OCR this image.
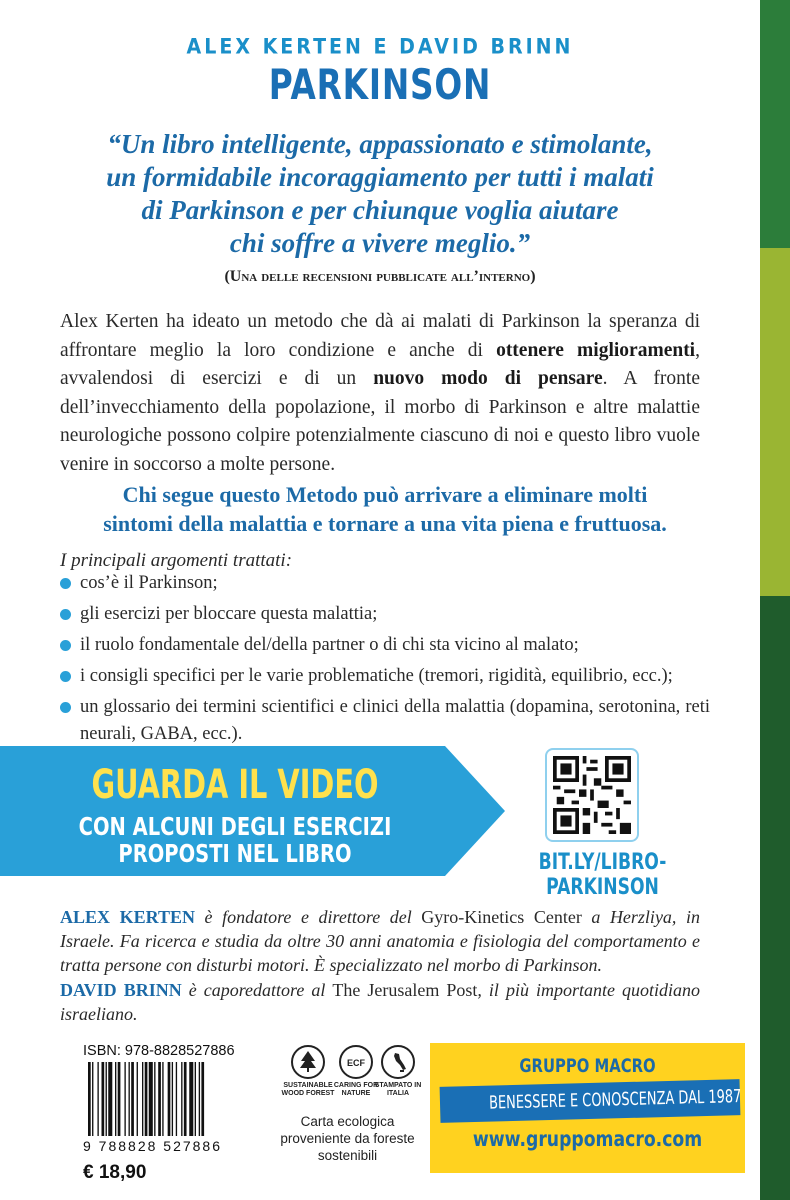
ALEX KERTEN E DAVID BRINN
PARKINSON
“Un libro intelligente, appassionato e stimolante,
un formidabile incoraggiamento per tutti i malati
di Parkinson e per chiunque voglia aiutare
chi soffre a vivere meglio.”
(Una delle recensioni pubblicate all’interno)
Alex Kerten ha ideato un metodo che dà ai malati di Parkinson la speranza di affrontare meglio la loro condizione e anche di ottenere miglioramenti, avvalendosi di esercizi e di un nuovo modo di pensare. A fronte dell’invecchiamento della popolazione, il morbo di Parkinson e altre malattie neurologiche possono colpire potenzialmente ciascuno di noi e questo libro vuole venire in soccorso a molte persone.
Chi segue questo Metodo può arrivare a eliminare molti
sintomi della malattia e tornare a una vita piena e fruttuosa.
I principali argomenti trattati:
cos’è il Parkinson;
gli esercizi per bloccare questa malattia;
il ruolo fondamentale del/della partner o di chi sta vicino al malato;
i consigli specifici per le varie problematiche (tremori, rigidità, equilibrio, ecc.);
un glossario dei termini scientifici e clinici della malattia (dopamina, serotonina, reti neurali, GABA, ecc.).
GUARDA IL VIDEO
CON ALCUNI DEGLI ESERCIZI
PROPOSTI NEL LIBRO	BIT.LY/LIBRO-PARKINSON
ALEX KERTEN è fondatore e direttore del Gyro-Kinetics Center a Herzliya, in Israele. Fa ricerca e studia da oltre 30 anni anatomia e fisiologia del comportamento e tratta persone con disturbi motori. È specializzato nel morbo di Parkinson.
DAVID BRINN è caporedattore al The Jerusalem Post, il più importante quotidiano israeliano.
ISBN: 978-8828527886
9 788828 527886
€ 18,90
SUSTAINABLE WOOD FOREST
ECF
CARING FOR NATURE
STAMPATO IN ITALIA
Carta ecologica proveniente da foreste sostenibili
GRUPPO MACRO
BENESSERE E CONOSCENZA DAL 1987
www.gruppomacro.com
